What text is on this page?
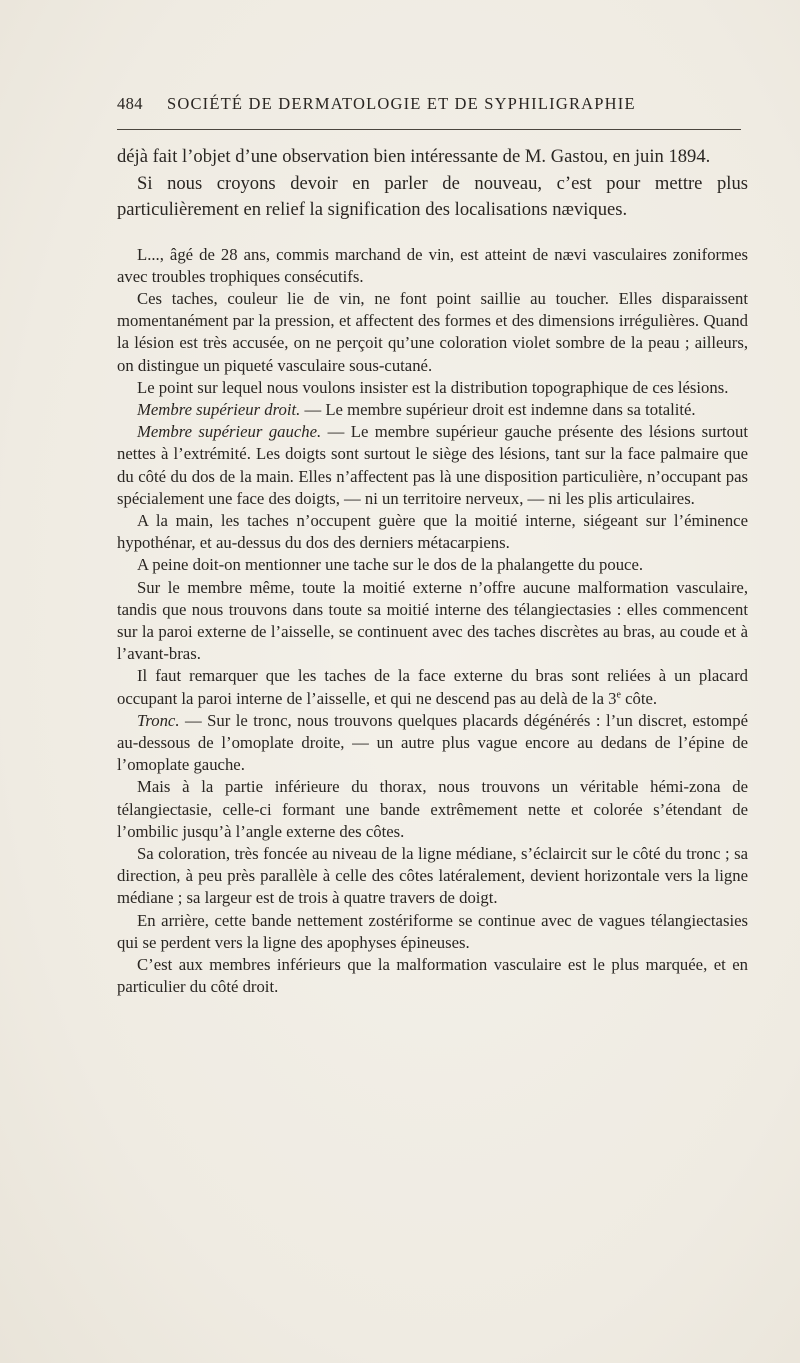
484 SOCIÉTÉ DE DERMATOLOGIE ET DE SYPHILIGRAPHIE

déjà fait l’objet d’une observation bien intéressante de M. Gastou, en juin 1894.

Si nous croyons devoir en parler de nouveau, c’est pour mettre plus particulièrement en relief la signification des localisations næviques.

L..., âgé de 28 ans, commis marchand de vin, est atteint de nævi vasculaires zoniformes avec troubles trophiques consécutifs.

Ces taches, couleur lie de vin, ne font point saillie au toucher. Elles disparaissent momentanément par la pression, et affectent des formes et des dimensions irrégulières. Quand la lésion est très accusée, on ne perçoit qu’une coloration violet sombre de la peau ; ailleurs, on distingue un piqueté vasculaire sous-cutané.

Le point sur lequel nous voulons insister est la distribution topographique de ces lésions.

Membre supérieur droit. — Le membre supérieur droit est indemne dans sa totalité.

Membre supérieur gauche. — Le membre supérieur gauche présente des lésions surtout nettes à l’extrémité. Les doigts sont surtout le siège des lésions, tant sur la face palmaire que du côté du dos de la main. Elles n’affectent pas là une disposition particulière, n’occupant pas spécialement une face des doigts, — ni un territoire nerveux, — ni les plis articulaires.

A la main, les taches n’occupent guère que la moitié interne, siégeant sur l’éminence hypothénar, et au-dessus du dos des derniers métacarpiens.

A peine doit-on mentionner une tache sur le dos de la phalangette du pouce.

Sur le membre même, toute la moitié externe n’offre aucune malformation vasculaire, tandis que nous trouvons dans toute sa moitié interne des télangiectasies : elles commencent sur la paroi externe de l’aisselle, se continuent avec des taches discrètes au bras, au coude et à l’avant-bras.

Il faut remarquer que les taches de la face externe du bras sont reliées à un placard occupant la paroi interne de l’aisselle, et qui ne descend pas au delà de la 3e côte.

Tronc. — Sur le tronc, nous trouvons quelques placards dégénérés : l’un discret, estompé au-dessous de l’omoplate droite, — un autre plus vague encore au dedans de l’épine de l’omoplate gauche.

Mais à la partie inférieure du thorax, nous trouvons un véritable hémi-zona de télangiectasie, celle-ci formant une bande extrêmement nette et colorée s’étendant de l’ombilic jusqu’à l’angle externe des côtes.

Sa coloration, très foncée au niveau de la ligne médiane, s’éclaircit sur le côté du tronc ; sa direction, à peu près parallèle à celle des côtes latéralement, devient horizontale vers la ligne médiane ; sa largeur est de trois à quatre travers de doigt.

En arrière, cette bande nettement zostériforme se continue avec de vagues télangiectasies qui se perdent vers la ligne des apophyses épineuses.

C’est aux membres inférieurs que la malformation vasculaire est le plus marquée, et en particulier du côté droit.
